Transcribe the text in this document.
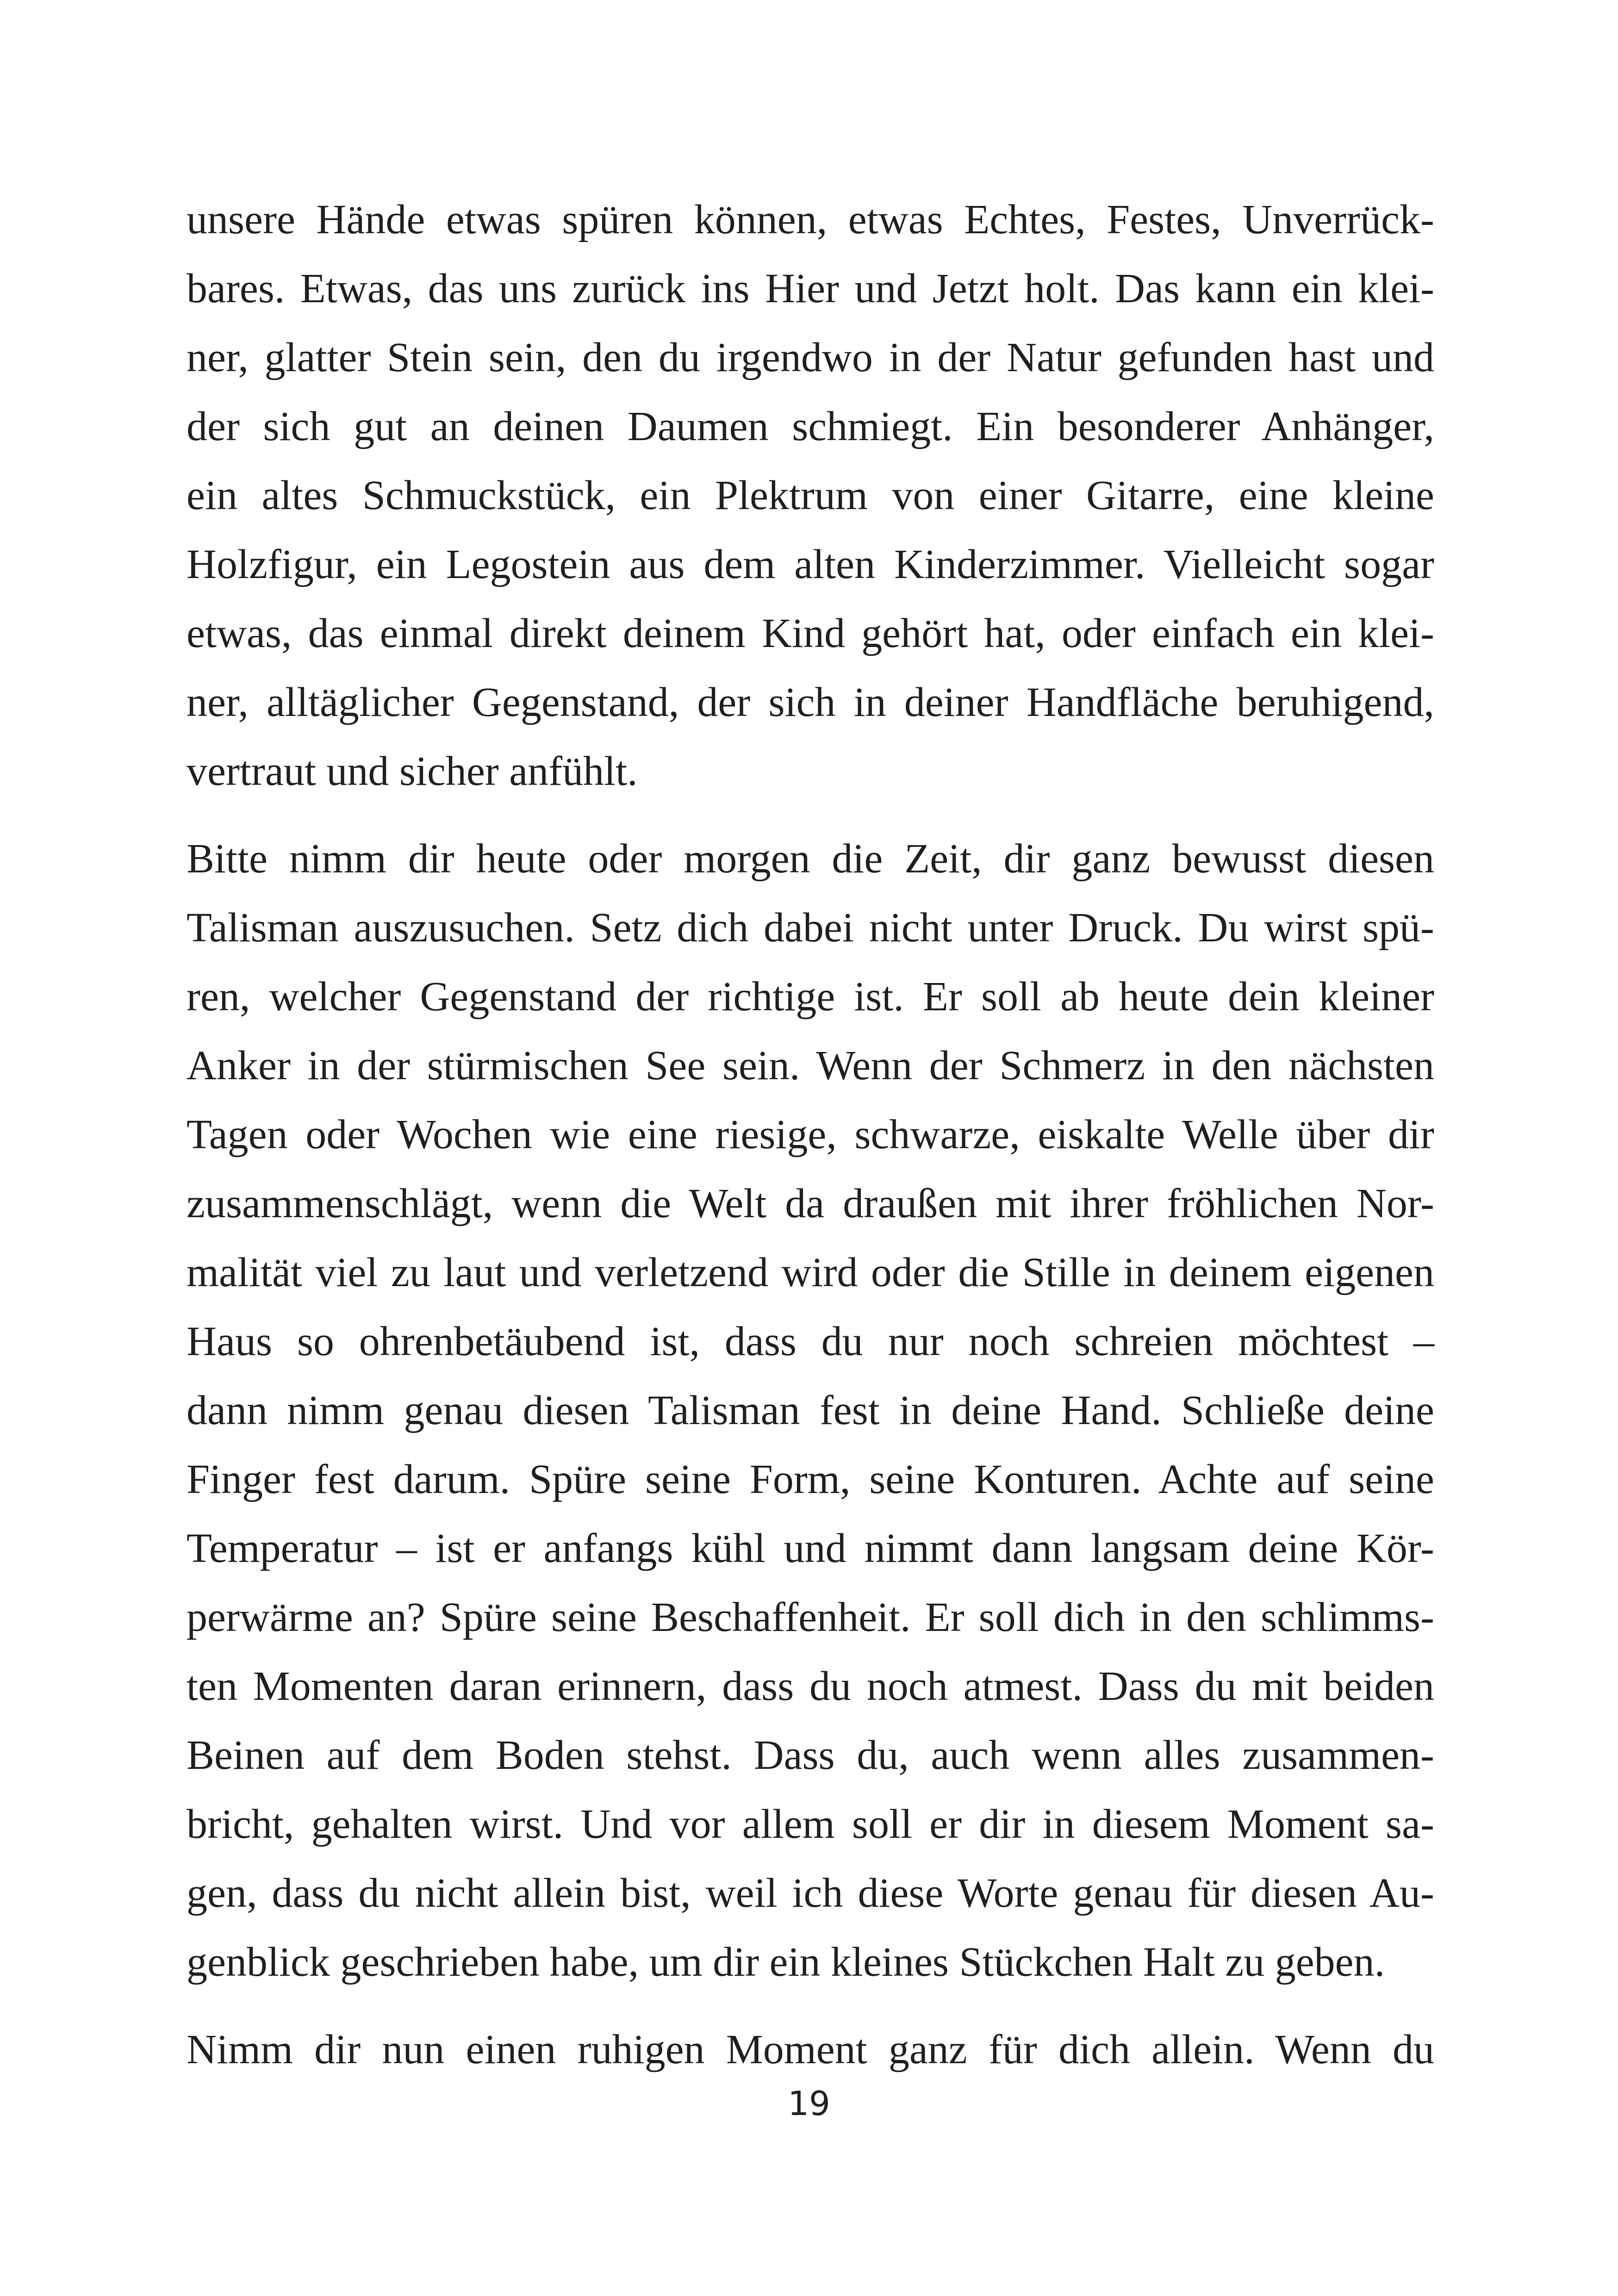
unsere Hände etwas spüren können, etwas Echtes, Festes, Unverrück-
bares. Etwas, das uns zurück ins Hier und Jetzt holt. Das kann ein klei-
ner, glatter Stein sein, den du irgendwo in der Natur gefunden hast und
der sich gut an deinen Daumen schmiegt. Ein besonderer Anhänger,
ein altes Schmuckstück, ein Plektrum von einer Gitarre, eine kleine
Holzfigur, ein Legostein aus dem alten Kinderzimmer. Vielleicht sogar
etwas, das einmal direkt deinem Kind gehört hat, oder einfach ein klei-
ner, alltäglicher Gegenstand, der sich in deiner Handfläche beruhigend,
vertraut und sicher anfühlt.

Bitte nimm dir heute oder morgen die Zeit, dir ganz bewusst diesen
Talisman auszusuchen. Setz dich dabei nicht unter Druck. Du wirst spü-
ren, welcher Gegenstand der richtige ist. Er soll ab heute dein kleiner
Anker in der stürmischen See sein. Wenn der Schmerz in den nächsten
Tagen oder Wochen wie eine riesige, schwarze, eiskalte Welle über dir
zusammenschlägt, wenn die Welt da draußen mit ihrer fröhlichen Nor-
malität viel zu laut und verletzend wird oder die Stille in deinem eigenen
Haus so ohrenbetäubend ist, dass du nur noch schreien möchtest –
dann nimm genau diesen Talisman fest in deine Hand. Schließe deine
Finger fest darum. Spüre seine Form, seine Konturen. Achte auf seine
Temperatur – ist er anfangs kühl und nimmt dann langsam deine Kör-
perwärme an? Spüre seine Beschaffenheit. Er soll dich in den schlimms-
ten Momenten daran erinnern, dass du noch atmest. Dass du mit beiden
Beinen auf dem Boden stehst. Dass du, auch wenn alles zusammen-
bricht, gehalten wirst. Und vor allem soll er dir in diesem Moment sa-
gen, dass du nicht allein bist, weil ich diese Worte genau für diesen Au-
genblick geschrieben habe, um dir ein kleines Stückchen Halt zu geben.

Nimm dir nun einen ruhigen Moment ganz für dich allein. Wenn du

19
